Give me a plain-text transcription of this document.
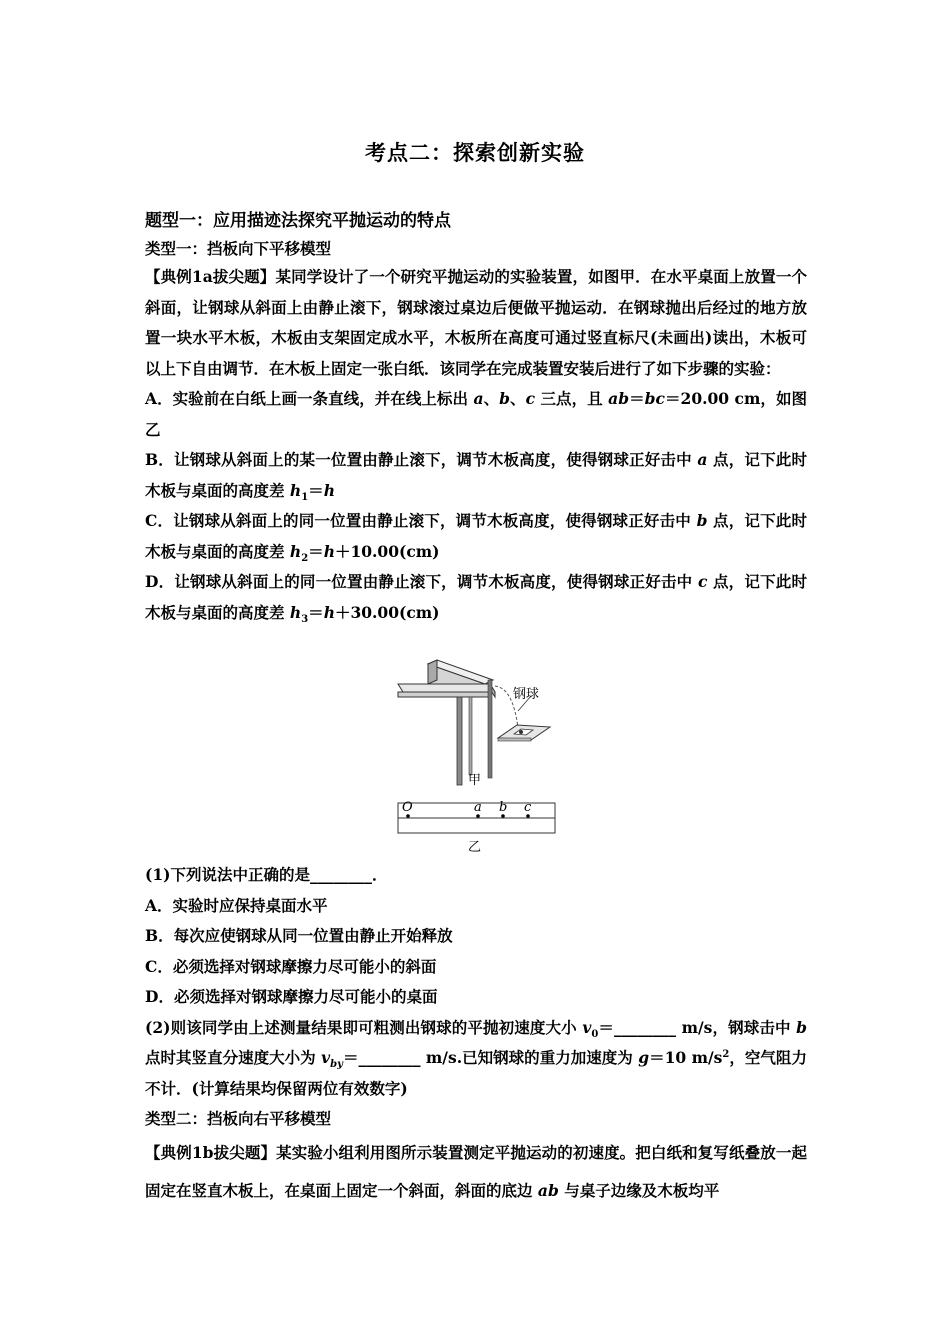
考点二：探索创新实验
题型一：应用描迹法探究平抛运动的特点
类型一：挡板向下平移模型
【典例1a拔尖题】某同学设计了一个研究平抛运动的实验装置，如图甲．在水平桌面上放置一个斜面，让钢球从斜面上由静止滚下，钢球滚过桌边后便做平抛运动．在钢球抛出后经过的地方放置一块水平木板，木板由支架固定成水平，木板所在高度可通过竖直标尺(未画出)读出，木板可以上下自由调节．在木板上固定一张白纸．该同学在完成装置安装后进行了如下步骤的实验：
A．实验前在白纸上画一条直线，并在线上标出 a、b、c 三点，且 ab＝bc＝20.00 cm，如图乙
B．让钢球从斜面上的某一位置由静止滚下，调节木板高度，使得钢球正好击中 a 点，记下此时木板与桌面的高度差 $h_1=h$
C．让钢球从斜面上的同一位置由静止滚下，调节木板高度，使得钢球正好击中 b 点，记下此时木板与桌面的高度差 $h_2=h+10.00(cm)$
D．让钢球从斜面上的同一位置由静止滚下，调节木板高度，使得钢球正好击中 c 点，记下此时木板与桌面的高度差 $h_3=h+30.00(cm)$
钢球
甲
乙
O	a b c
(1)下列说法中正确的是________．
A．实验时应保持桌面水平
B．每次应使钢球从同一位置由静止开始释放
C．必须选择对钢球摩擦力尽可能小的斜面
D．必须选择对钢球摩擦力尽可能小的桌面
(2)则该同学由上述测量结果即可粗测出钢球的平抛初速度大小 $v_0=\_\_\_\_\_\_\_\_$ m/s，钢球击中 b 点时其竖直分速度大小为 $v_{by}=\_\_\_\_\_\_\_\_$ m/s.已知钢球的重力加速度为 g＝10 $m/s^2$，空气阻力不计．(计算结果均保留两位有效数字)
类型二：挡板向右平移模型
【典例1b拔尖题】某实验小组利用图所示装置测定平抛运动的初速度。把白纸和复写纸叠放一起固定在竖直木板上，在桌面上固定一个斜面，斜面的底边 ab 与桌子边缘及木板均平
